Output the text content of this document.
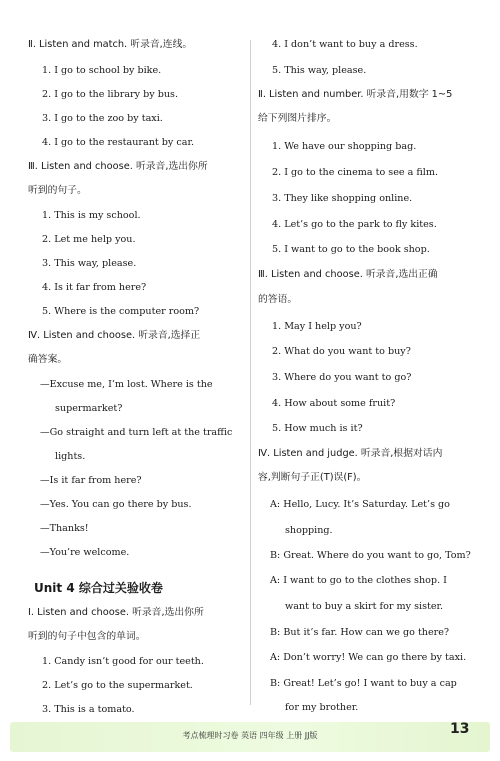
Ⅱ. Listen and match. 听录音,连线。
1. I go to school by bike.
2. I go to the library by bus.
3. I go to the zoo by taxi.
4. I go to the restaurant by car.
Ⅲ. Listen and choose. 听录音,选出你所
听到的句子。
1. This is my school.
2. Let me help you.
3. This way, please.
4. Is it far from here?
5. Where is the computer room?
Ⅳ. Listen and choose. 听录音,选择正
确答案。
—Excuse me, I’m lost. Where is the
supermarket?
—Go straight and turn left at the traffic
lights.
—Is it far from here?
—Yes. You can go there by bus.
—Thanks!
—You’re welcome.
Unit 4 综合过关验收卷
Ⅰ. Listen and choose. 听录音,选出你所
听到的句子中包含的单词。
1. Candy isn’t good for our teeth.
2. Let’s go to the supermarket.
3. This is a tomato.
4. I don’t want to buy a dress.
5. This way, please.
Ⅱ. Listen and number. 听录音,用数字 1~5
给下列图片排序。
1. We have our shopping bag.
2. I go to the cinema to see a film.
3. They like shopping online.
4. Let’s go to the park to fly kites.
5. I want to go to the book shop.
Ⅲ. Listen and choose. 听录音,选出正确
的答语。
1. May I help you?
2. What do you want to buy?
3. Where do you want to go?
4. How about some fruit?
5. How much is it?
Ⅳ. Listen and judge. 听录音,根据对话内
容,判断句子正(T)误(F)。
A: Hello, Lucy. It’s Saturday. Let’s go
shopping.
B: Great. Where do you want to go, Tom?
A: I want to go to the clothes shop. I
want to buy a skirt for my sister.
B: But it’s far. How can we go there?
A: Don’t worry! We can go there by taxi.
B: Great! Let’s go! I want to buy a cap
for my brother.
考点梳理时习卷 英语 四年级 上册 JJ版	13
